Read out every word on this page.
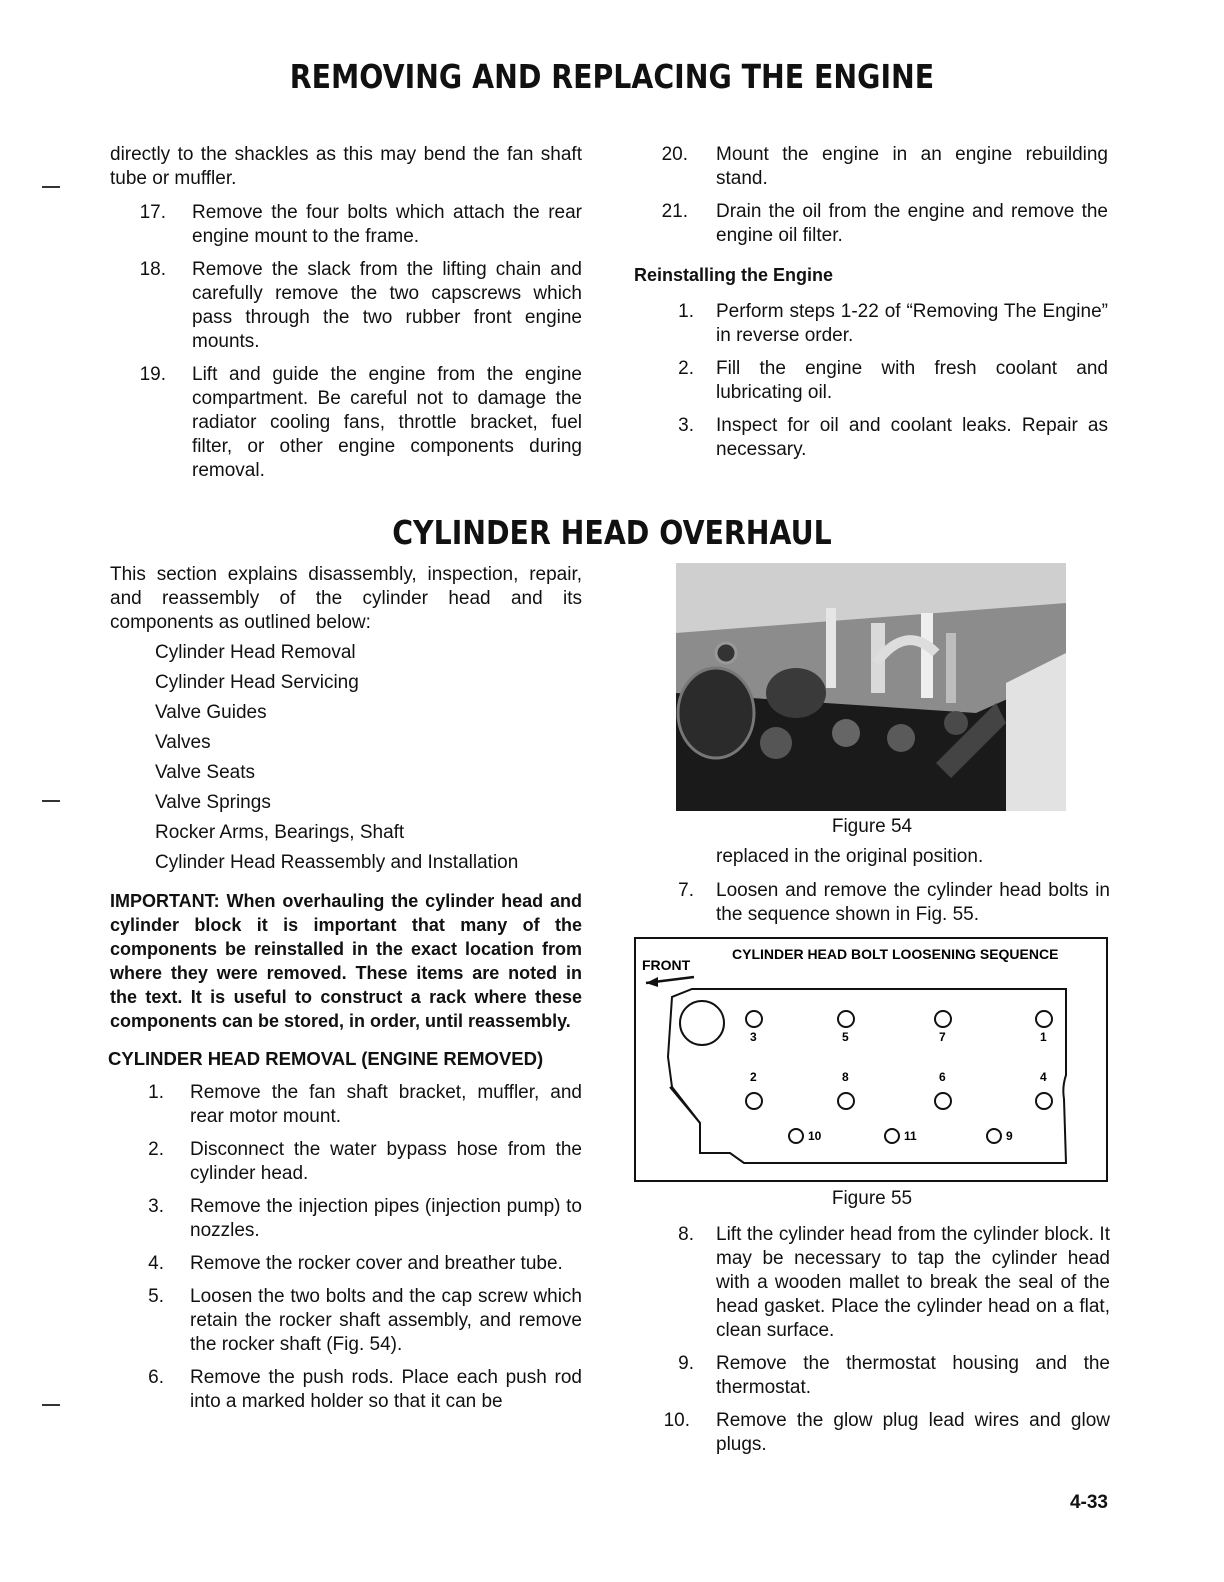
REMOVING AND REPLACING THE ENGINE

directly to the shackles as this may bend the fan shaft tube or muffler.

17.	Remove the four bolts which attach the rear engine mount to the frame.
18.	Remove the slack from the lifting chain and carefully remove the two capscrews which pass through the two rubber front engine mounts.
19.	Lift and guide the engine from the engine compartment. Be careful not to damage the radiator cooling fans, throttle bracket, fuel filter, or other engine components during removal.
20.	Mount the engine in an engine rebuilding stand.
21.	Drain the oil from the engine and remove the engine oil filter.
Reinstalling the Engine
1.	Perform steps 1-22 of “Removing The Engine” in reverse order.
2.	Fill the engine with fresh coolant and lubricating oil.
3.	Inspect for oil and coolant leaks. Repair as necessary.
CYLINDER HEAD OVERHAUL

This section explains disassembly, inspection, repair, and reassembly of the cylinder head and its components as outlined below:

Cylinder Head Removal
Cylinder Head Servicing
Valve Guides
Valves
Valve Seats
Valve Springs
Rocker Arms, Bearings, Shaft
Cylinder Head Reassembly and Installation

IMPORTANT: When overhauling the cylinder head and cylinder block it is important that many of the components be reinstalled in the exact location from where they were removed. These items are noted in the text. It is useful to construct a rack where these components can be stored, in order, until reassembly.

CYLINDER HEAD REMOVAL (ENGINE REMOVED)
1.	Remove the fan shaft bracket, muffler, and rear motor mount.
2.	Disconnect the water bypass hose from the cylinder head.
3.	Remove the injection pipes (injection pump) to nozzles.
4.	Remove the rocker cover and breather tube.
5.	Loosen the two bolts and the cap screw which retain the rocker shaft assembly, and remove the rocker shaft (Fig. 54).
6.	Remove the push rods. Place each push rod into a marked holder so that it can be
Figure 54

replaced in the original position.

7.	Loosen and remove the cylinder head bolts in the sequence shown in Fig. 55.
CYLINDER HEAD BOLT LOOSENING SEQUENCE
FRONT
3	5	7	1
2	8	6	4
10	11	9
Figure 55
8.	Lift the cylinder head from the cylinder block. It may be necessary to tap the cylinder head with a wooden mallet to break the seal of the head gasket. Place the cylinder head on a flat, clean surface.
9.	Remove the thermostat housing and the thermostat.
10.	Remove the glow plug lead wires and glow plugs.
4-33
